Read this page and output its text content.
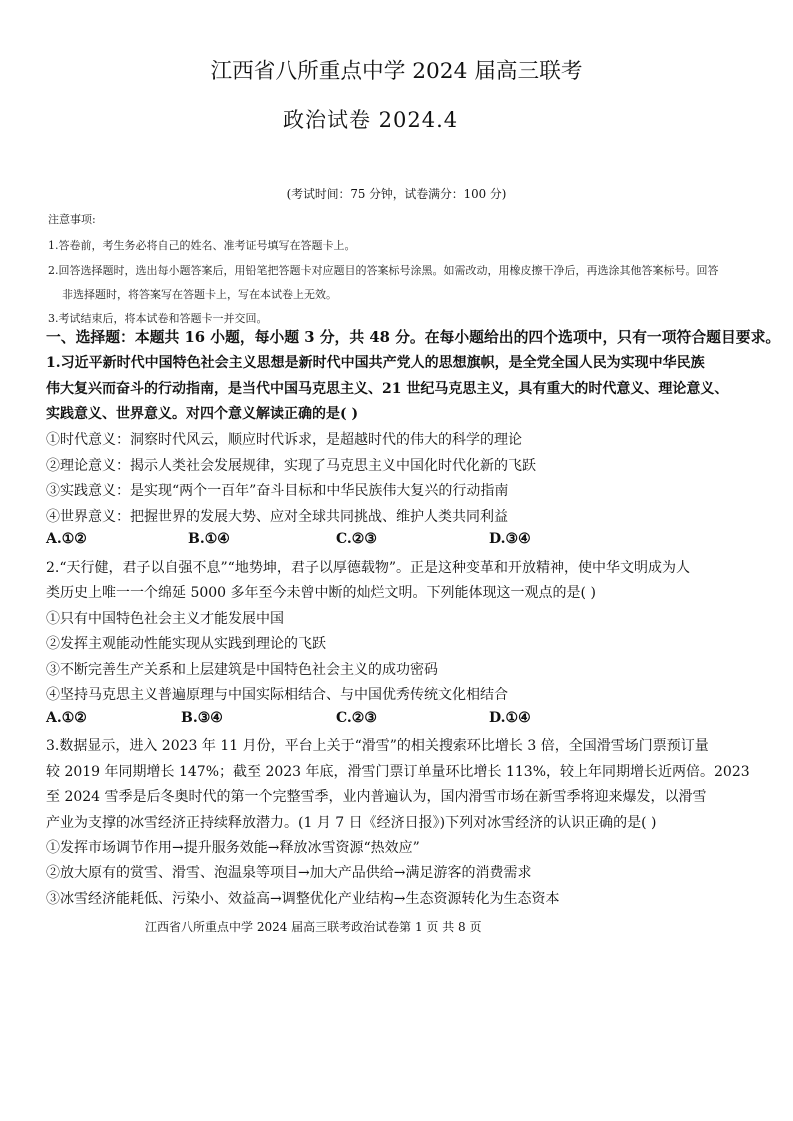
江西省八所重点中学 2024 届高三联考
政治试卷 2024.4
(考试时间：75 分钟，试卷满分：100 分)
注意事项:
1.答卷前，考生务必将自己的姓名、准考证号填写在答题卡上。
2.回答选择题时，选出每小题答案后，用铅笔把答题卡对应题目的答案标号涂黑。如需改动，用橡皮擦干净后，再选涂其他答案标号。回答
非选择题时，将答案写在答题卡上，写在本试卷上无效。
3.考试结束后，将本试卷和答题卡一并交回。
一、选择题：本题共 16 小题，每小题 3 分，共 48 分。在每小题给出的四个选项中，只有一项符合题目要求。
1.习近平新时代中国特色社会主义思想是新时代中国共产党人的思想旗帜，是全党全国人民为实现中华民族
伟大复兴而奋斗的行动指南，是当代中国马克思主义、21 世纪马克思主义，具有重大的时代意义、理论意义、
实践意义、世界意义。对四个意义解读正确的是( )
①时代意义：洞察时代风云，顺应时代诉求，是超越时代的伟大的科学的理论
②理论意义：揭示人类社会发展规律，实现了马克思主义中国化时代化新的飞跃
③实践意义：是实现“两个一百年”奋斗目标和中华民族伟大复兴的行动指南
④世界意义：把握世界的发展大势、应对全球共同挑战、维护人类共同利益
A.①②	B.①④	C.②③	D.③④
2.“天行健，君子以自强不息”“地势坤，君子以厚德载物”。正是这种变革和开放精神，使中华文明成为人
类历史上唯一一个绵延 5000 多年至今未曾中断的灿烂文明。下列能体现这一观点的是( )
①只有中国特色社会主义才能发展中国
②发挥主观能动性能实现从实践到理论的飞跃
③不断完善生产关系和上层建筑是中国特色社会主义的成功密码
④坚持马克思主义普遍原理与中国实际相结合、与中国优秀传统文化相结合
A.①②	B.③④	C.②③	D.①④
3.数据显示，进入 2023 年 11 月份，平台上关于“滑雪”的相关搜索环比增长 3 倍，全国滑雪场门票预订量
较 2019 年同期增长 147%；截至 2023 年底，滑雪门票订单量环比增长 113%，较上年同期增长近两倍。2023
至 2024 雪季是后冬奥时代的第一个完整雪季，业内普遍认为，国内滑雪市场在新雪季将迎来爆发，以滑雪
产业为支撑的冰雪经济正持续释放潜力。(1 月 7 日《经济日报》)下列对冰雪经济的认识正确的是( )
①发挥市场调节作用→提升服务效能→释放冰雪资源“热效应”
②放大原有的赏雪、滑雪、泡温泉等项目→加大产品供给→满足游客的消费需求
③冰雪经济能耗低、污染小、效益高→调整优化产业结构→生态资源转化为生态资本
江西省八所重点中学 2024 届高三联考政治试卷第 1 页 共 8 页
